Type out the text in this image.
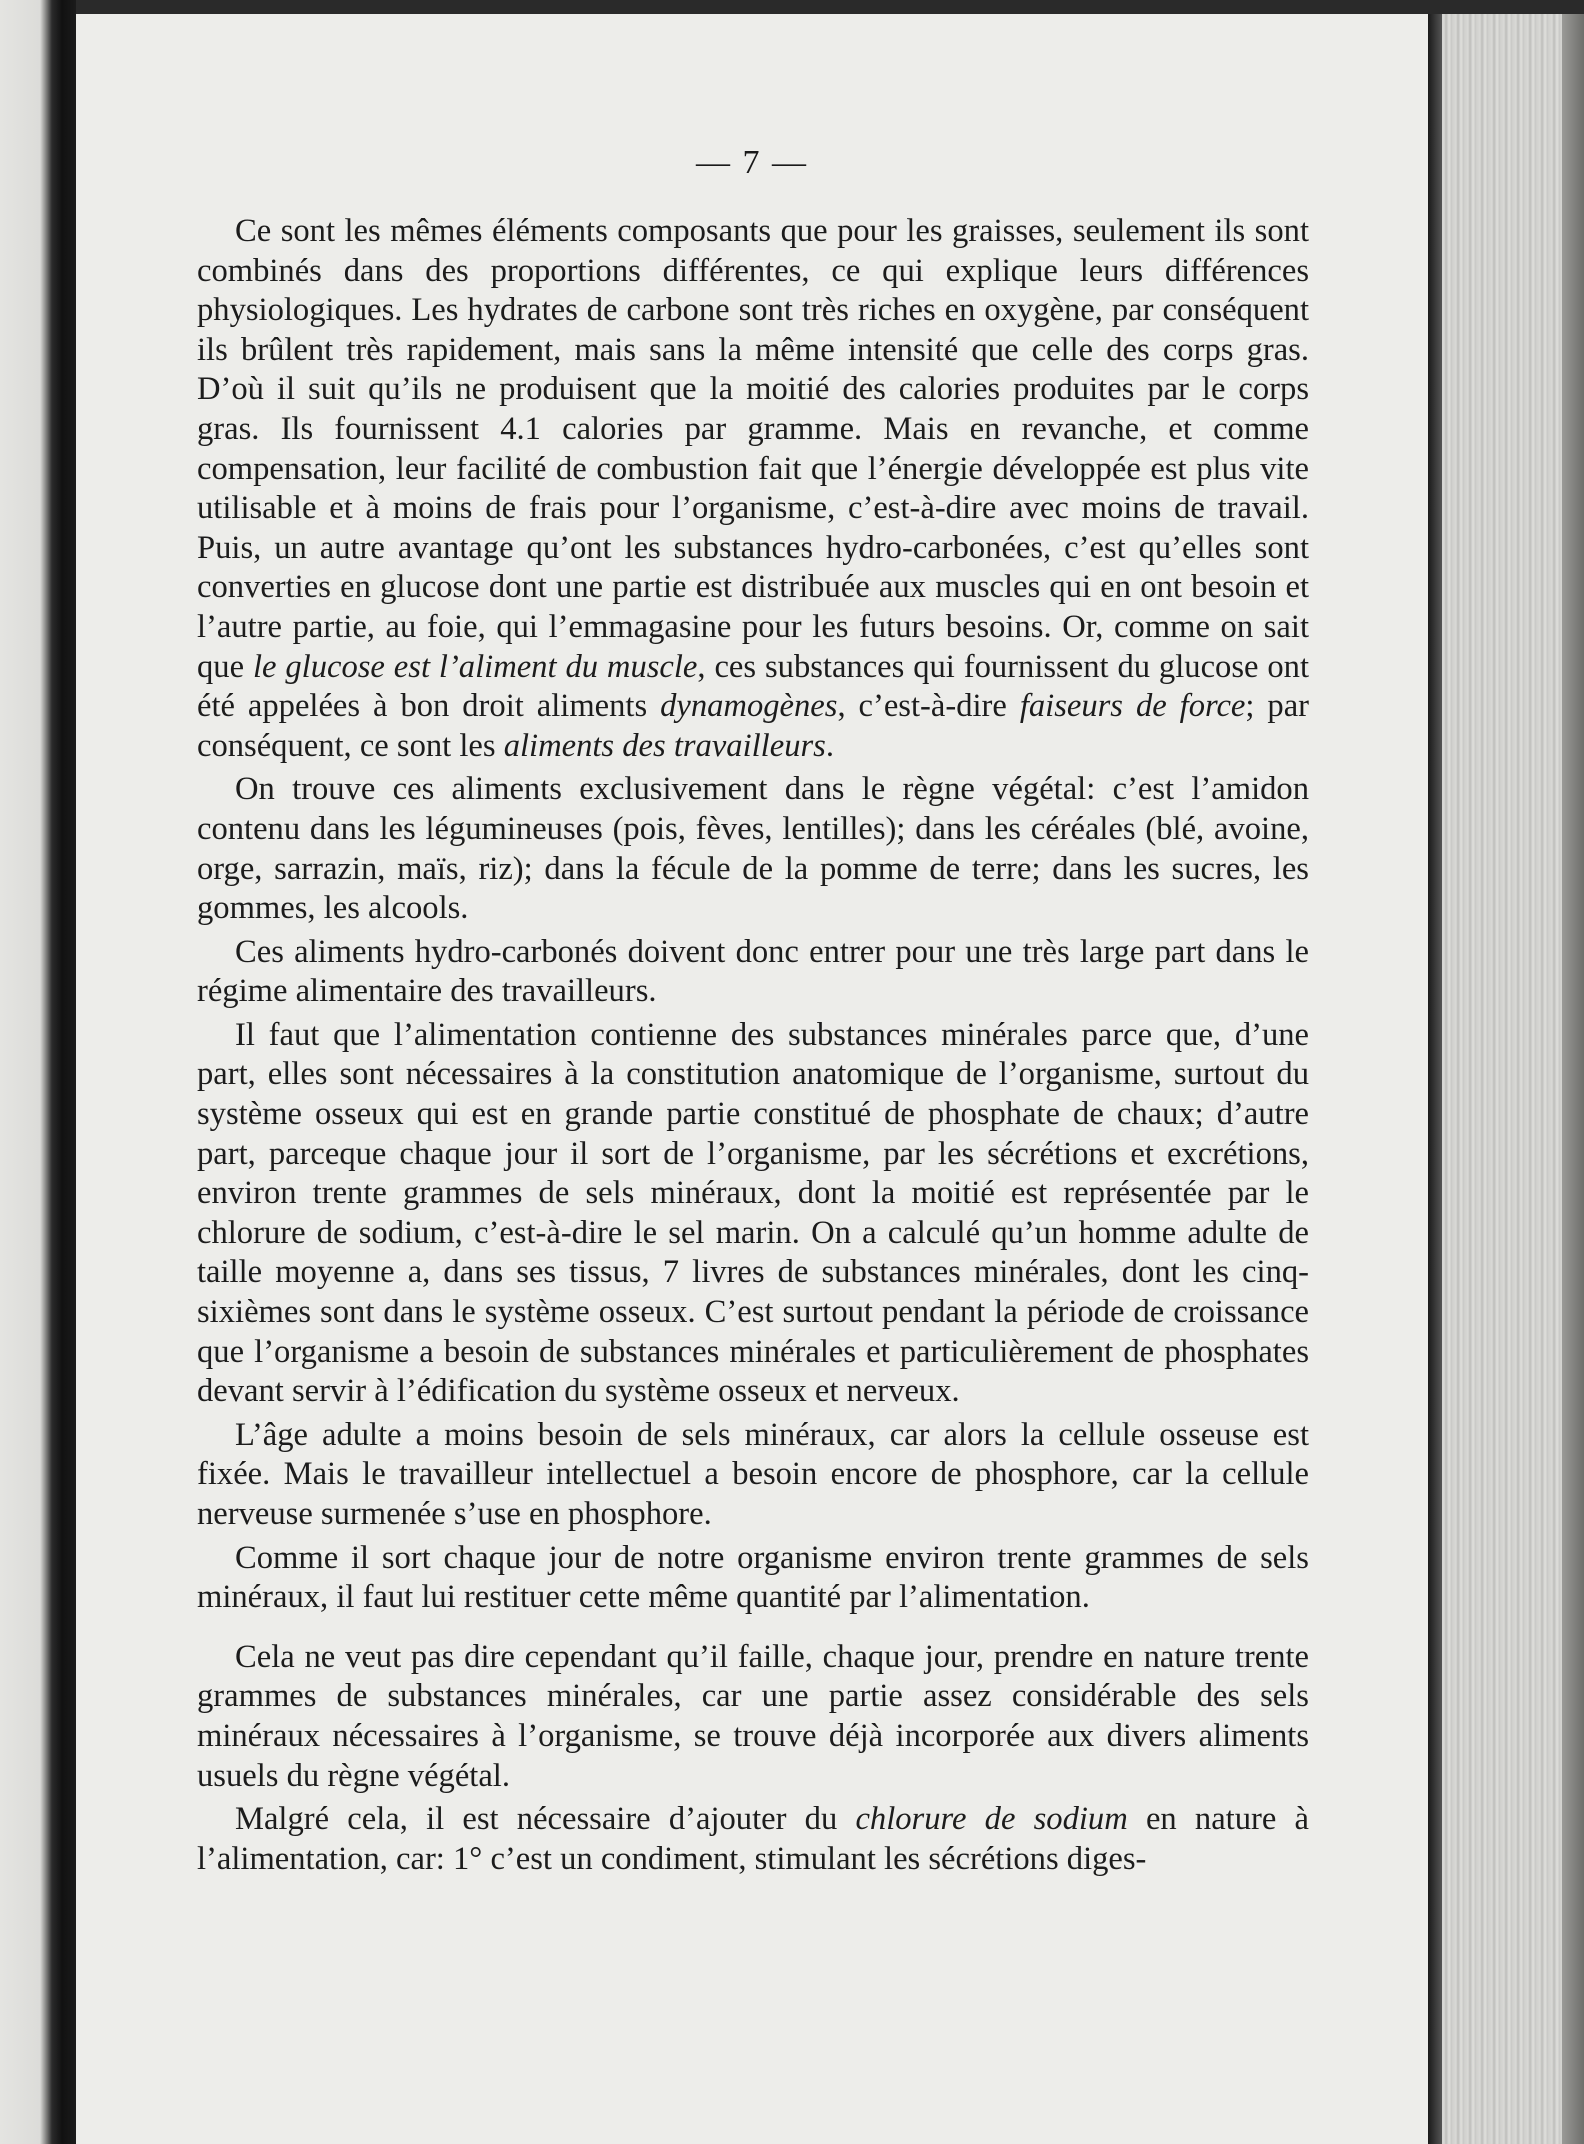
— 7 —

Ce sont les mêmes éléments composants que pour les graisses, seulement ils sont combinés dans des proportions différentes, ce qui explique leurs différences physiologiques. Les hydrates de carbone sont très riches en oxygène, par conséquent ils brûlent très rapidement, mais sans la même intensité que celle des corps gras. D’où il suit qu’ils ne produisent que la moitié des calories produites par le corps gras. Ils fournissent 4.1 calories par gramme. Mais en revanche, et comme compensation, leur facilité de combustion fait que l’énergie développée est plus vite utilisable et à moins de frais pour l’organisme, c’est-à-dire avec moins de travail. Puis, un autre avantage qu’ont les substances hydro-carbonées, c’est qu’elles sont converties en glucose dont une partie est distribuée aux muscles qui en ont besoin et l’autre partie, au foie, qui l’emmagasine pour les futurs besoins. Or, comme on sait que le glucose est l’aliment du muscle, ces substances qui fournissent du glucose ont été appelées à bon droit aliments dynamogènes, c’est-à-dire faiseurs de force; par conséquent, ce sont les aliments des travailleurs.

On trouve ces aliments exclusivement dans le règne végétal: c’est l’amidon contenu dans les légumineuses (pois, fèves, lentilles); dans les céréales (blé, avoine, orge, sarrazin, maïs, riz); dans la fécule de la pomme de terre; dans les sucres, les gommes, les alcools.

Ces aliments hydro-carbonés doivent donc entrer pour une très large part dans le régime alimentaire des travailleurs.

Il faut que l’alimentation contienne des substances minérales parce que, d’une part, elles sont nécessaires à la constitution anatomique de l’organisme, surtout du système osseux qui est en grande partie constitué de phosphate de chaux; d’autre part, parceque chaque jour il sort de l’organisme, par les sécrétions et excrétions, environ trente grammes de sels minéraux, dont la moitié est représentée par le chlorure de sodium, c’est-à-dire le sel marin. On a calculé qu’un homme adulte de taille moyenne a, dans ses tissus, 7 livres de substances minérales, dont les cinq-sixièmes sont dans le système osseux. C’est surtout pendant la période de croissance que l’organisme a besoin de substances minérales et particulièrement de phosphates devant servir à l’édification du système osseux et nerveux.

L’âge adulte a moins besoin de sels minéraux, car alors la cellule osseuse est fixée. Mais le travailleur intellectuel a besoin encore de phosphore, car la cellule nerveuse surmenée s’use en phosphore.

Comme il sort chaque jour de notre organisme environ trente grammes de sels minéraux, il faut lui restituer cette même quantité par l’alimentation.

Cela ne veut pas dire cependant qu’il faille, chaque jour, prendre en nature trente grammes de substances minérales, car une partie assez considérable des sels minéraux nécessaires à l’organisme, se trouve déjà incorporée aux divers aliments usuels du règne végétal.

Malgré cela, il est nécessaire d’ajouter du chlorure de sodium en nature à l’alimentation, car: 1° c’est un condiment, stimulant les sécrétions diges-
